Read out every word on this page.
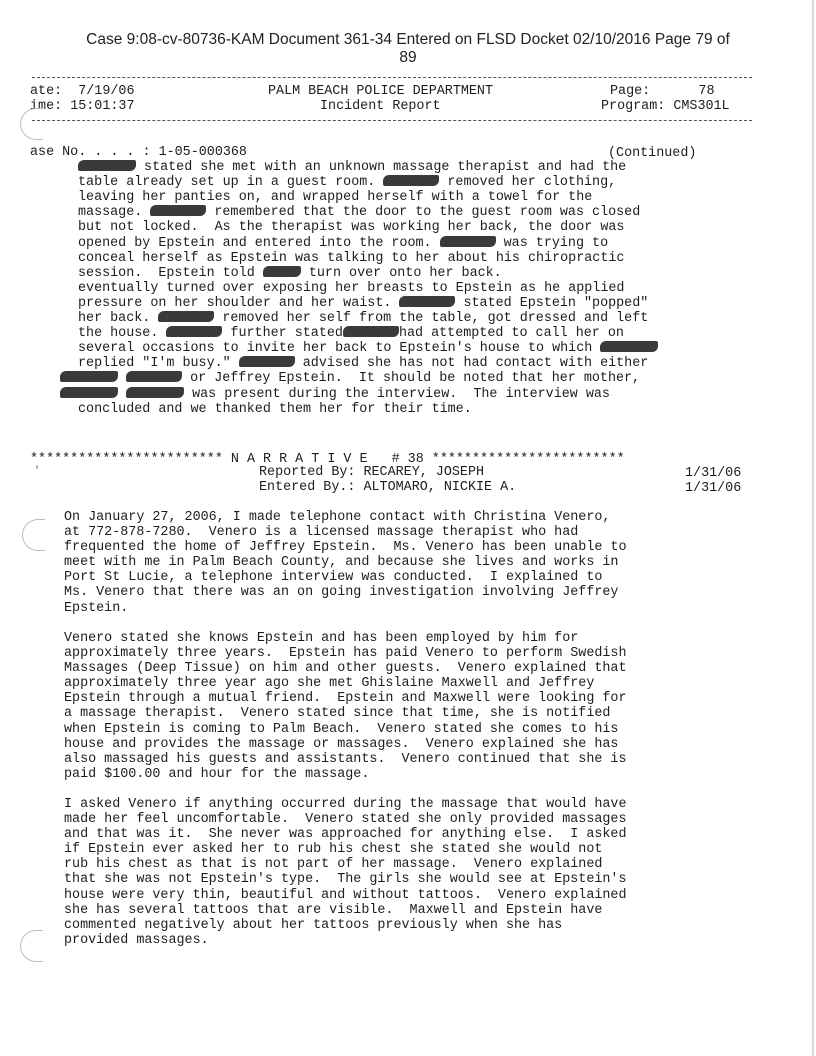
Case 9:08-cv-80736-KAM Document 361-34 Entered on FLSD Docket 02/10/2016 Page 79 of
89
ate: 7/19/06
ime: 15:01:37
PALM BEACH POLICE DEPARTMENT
Incident Report
Page:	78
Program: CMS301L
ase No. . . . : 1-05-000368	(Continued)
stated she met with an unknown massage therapist and had the
table already set up in a guest room.	removed her clothing,
leaving her panties on, and wrapped herself with a towel for the
massage.	remembered that the door to the guest room was closed
but not locked.  As the therapist was working her back, the door was
opened by Epstein and entered into the room.	was trying to
conceal herself as Epstein was talking to her about his chiropractic
session.  Epstein told	turn over onto her back.
eventually turned over exposing her breasts to Epstein as he applied
pressure on her shoulder and her waist.	stated Epstein "popped"
her back.	removed her self from the table, got dressed and left
the house.	further stated	had attempted to call her on
several occasions to invite her back to Epstein's house to which
replied "I'm busy."	advised she has not had contact with either
or Jeffrey Epstein.  It should be noted that her mother,
was present during the interview.  The interview was
concluded and we thanked them her for their time.
************************ N A R R A T I V E   # 38 ************************
'	Reported By: RECAREY, JOSEPH	1/31/06
Entered By.: ALTOMARO, NICKIE A.	1/31/06
On January 27, 2006, I made telephone contact with Christina Venero,
at 772-878-7280.  Venero is a licensed massage therapist who had
frequented the home of Jeffrey Epstein.  Ms. Venero has been unable to
meet with me in Palm Beach County, and because she lives and works in
Port St Lucie, a telephone interview was conducted.  I explained to
Ms. Venero that there was an on going investigation involving Jeffrey
Epstein.
Venero stated she knows Epstein and has been employed by him for
approximately three years.  Epstein has paid Venero to perform Swedish
Massages (Deep Tissue) on him and other guests.  Venero explained that
approximately three year ago she met Ghislaine Maxwell and Jeffrey
Epstein through a mutual friend.  Epstein and Maxwell were looking for
a massage therapist.  Venero stated since that time, she is notified
when Epstein is coming to Palm Beach.  Venero stated she comes to his
house and provides the massage or massages.  Venero explained she has
also massaged his guests and assistants.  Venero continued that she is
paid $100.00 and hour for the massage.
I asked Venero if anything occurred during the massage that would have
made her feel uncomfortable.  Venero stated she only provided massages
and that was it.  She never was approached for anything else.  I asked
if Epstein ever asked her to rub his chest she stated she would not
rub his chest as that is not part of her massage.  Venero explained
that she was not Epstein's type.  The girls she would see at Epstein's
house were very thin, beautiful and without tattoos.  Venero explained
she has several tattoos that are visible.  Maxwell and Epstein have
commented negatively about her tattoos previously when she has
provided massages.
